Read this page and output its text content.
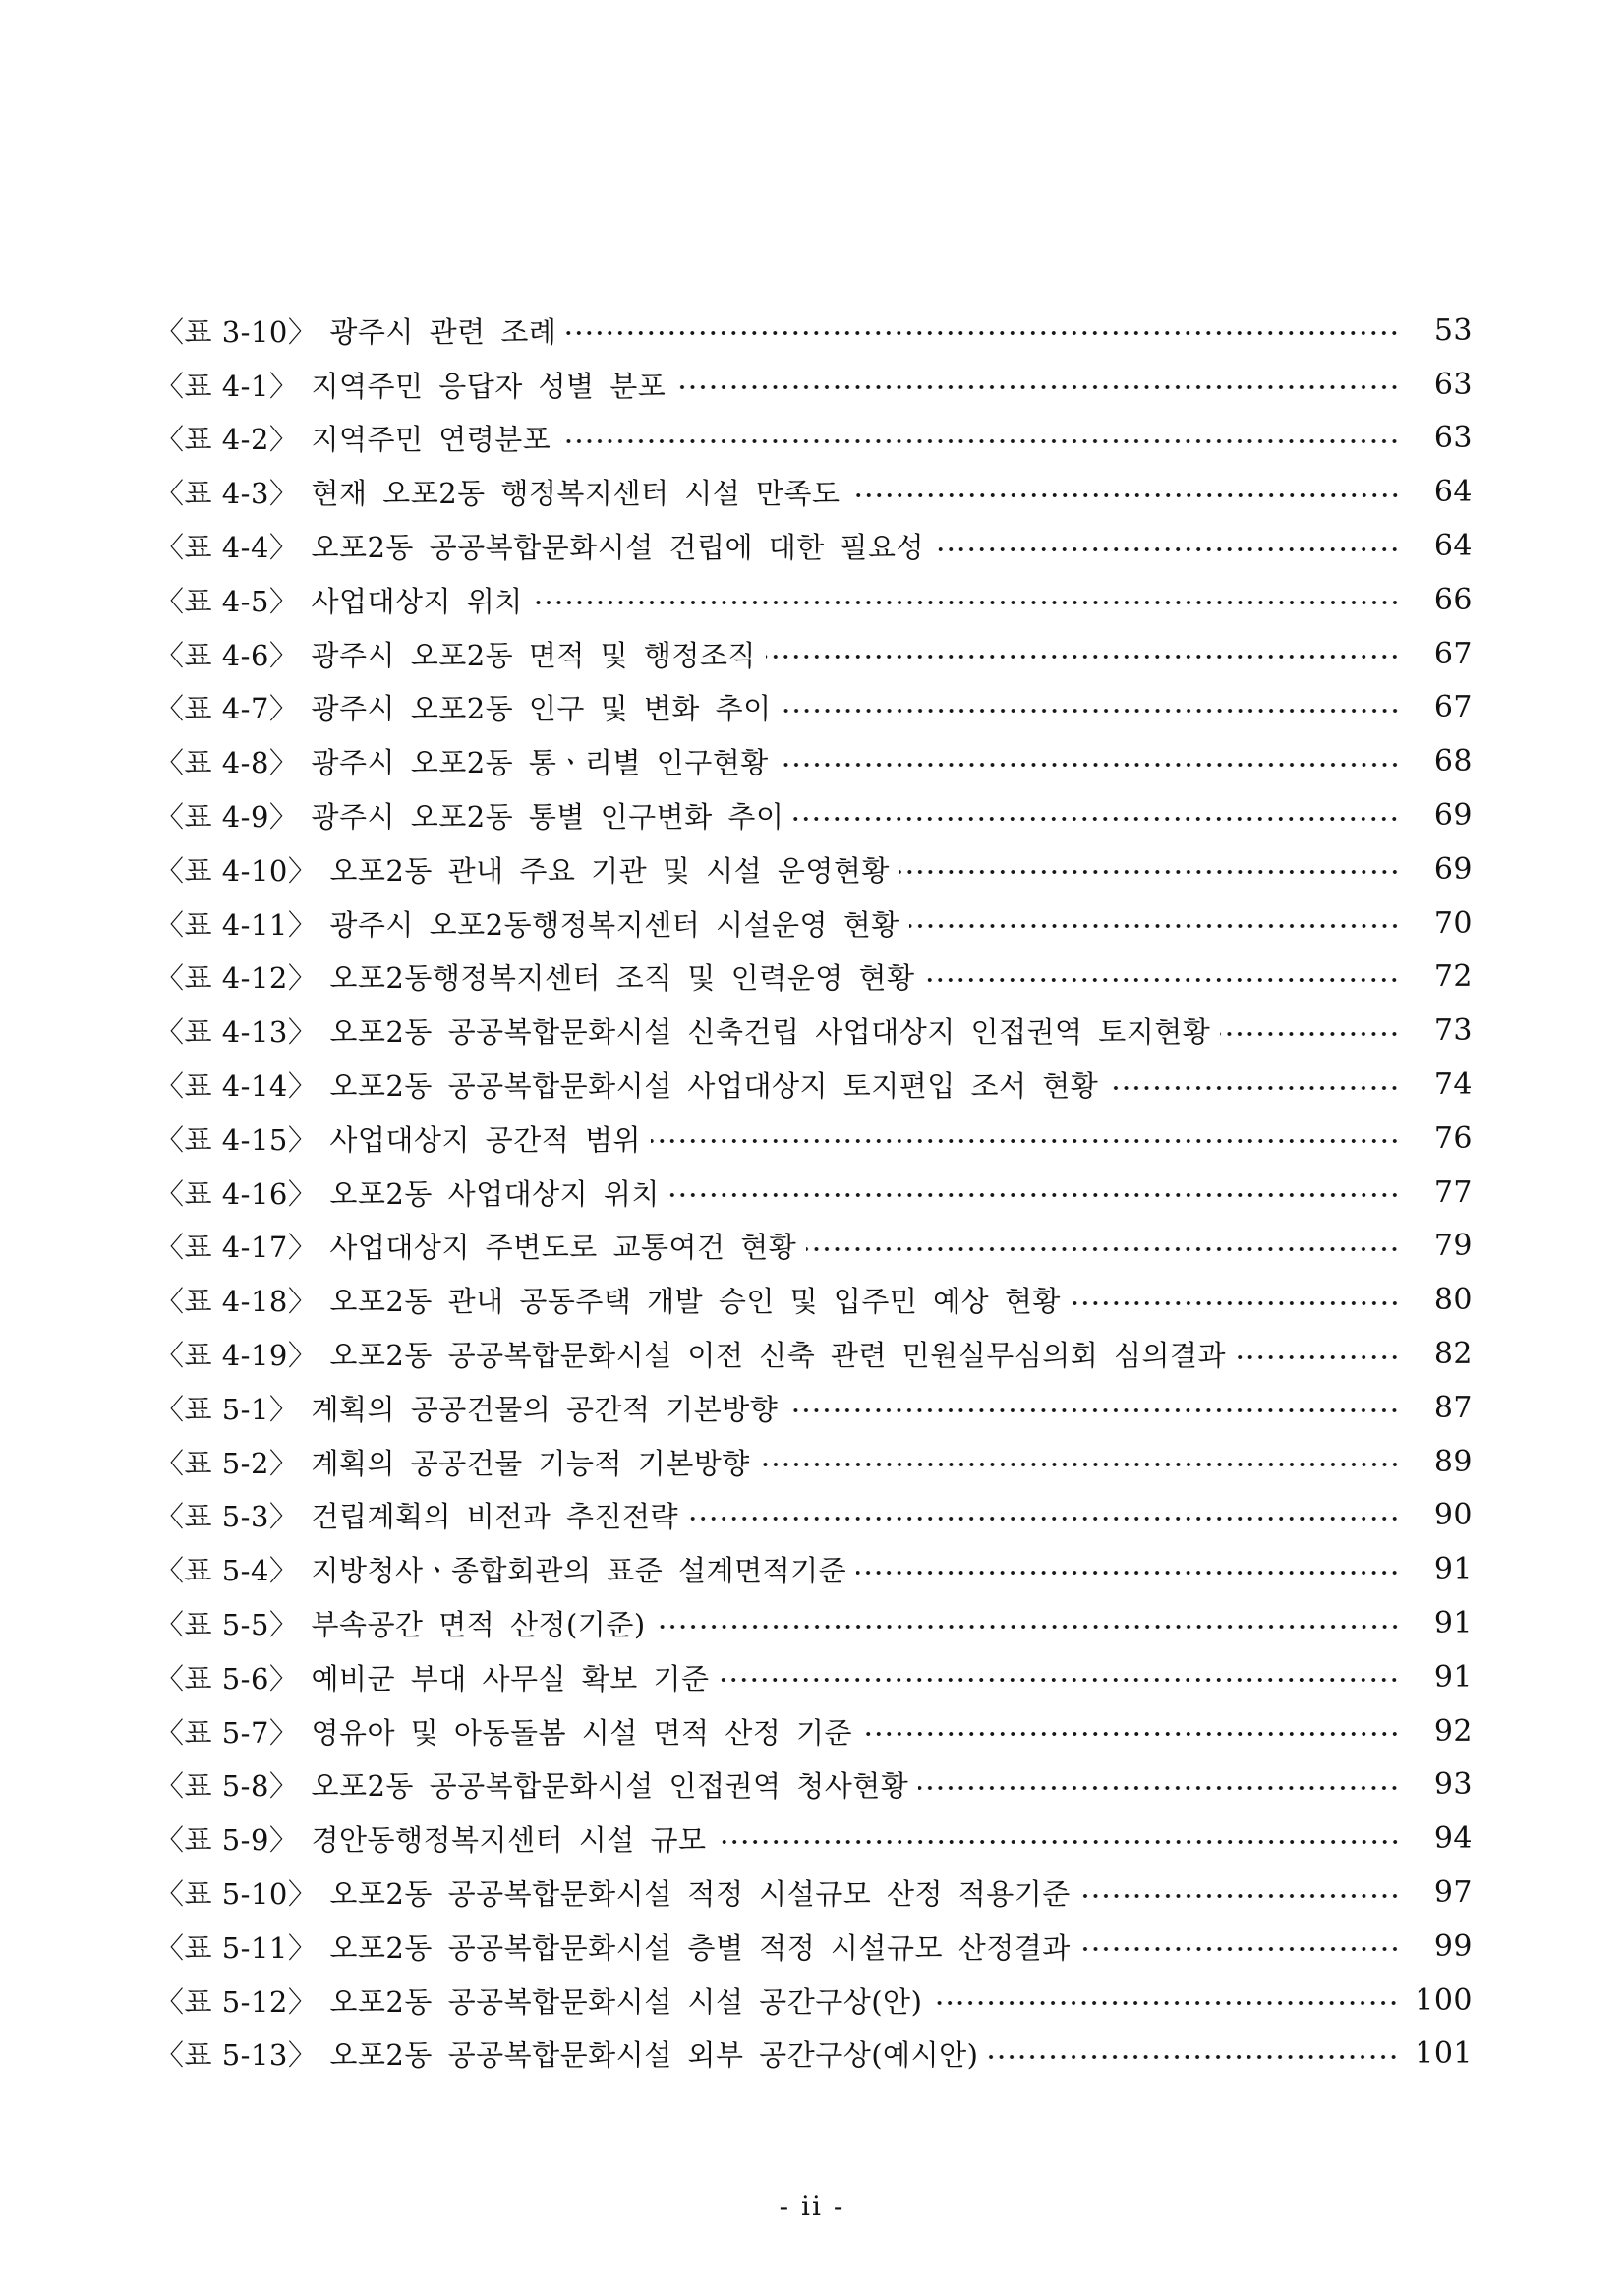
〈표 3-10〉 광주시 관련 조례	53
〈표 4-1〉 지역주민 응답자 성별 분포	63
〈표 4-2〉 지역주민 연령분포	63
〈표 4-3〉 현재 오포2동 행정복지센터 시설 만족도	64
〈표 4-4〉 오포2동 공공복합문화시설 건립에 대한 필요성	64
〈표 4-5〉 사업대상지 위치	66
〈표 4-6〉 광주시 오포2동 면적 및 행정조직	67
〈표 4-7〉 광주시 오포2동 인구 및 변화 추이	67
〈표 4-8〉 광주시 오포2동 통ㆍ리별 인구현황	68
〈표 4-9〉 광주시 오포2동 통별 인구변화 추이	69
〈표 4-10〉 오포2동 관내 주요 기관 및 시설 운영현황	69
〈표 4-11〉 광주시 오포2동행정복지센터 시설운영 현황	70
〈표 4-12〉 오포2동행정복지센터 조직 및 인력운영 현황	72
〈표 4-13〉 오포2동 공공복합문화시설 신축건립 사업대상지 인접권역 토지현황	73
〈표 4-14〉 오포2동 공공복합문화시설 사업대상지 토지편입 조서 현황	74
〈표 4-15〉 사업대상지 공간적 범위	76
〈표 4-16〉 오포2동 사업대상지 위치	77
〈표 4-17〉 사업대상지 주변도로 교통여건 현황	79
〈표 4-18〉 오포2동 관내 공동주택 개발 승인 및 입주민 예상 현황	80
〈표 4-19〉 오포2동 공공복합문화시설 이전 신축 관련 민원실무심의회 심의결과	82
〈표 5-1〉 계획의 공공건물의 공간적 기본방향	87
〈표 5-2〉 계획의 공공건물 기능적 기본방향	89
〈표 5-3〉 건립계획의 비전과 추진전략	90
〈표 5-4〉 지방청사ㆍ종합회관의 표준 설계면적기준	91
〈표 5-5〉 부속공간 면적 산정(기준)	91
〈표 5-6〉 예비군 부대 사무실 확보 기준	91
〈표 5-7〉 영유아 및 아동돌봄 시설 면적 산정 기준	92
〈표 5-8〉 오포2동 공공복합문화시설 인접권역 청사현황	93
〈표 5-9〉 경안동행정복지센터 시설 규모	94
〈표 5-10〉 오포2동 공공복합문화시설 적정 시설규모 산정 적용기준	97
〈표 5-11〉 오포2동 공공복합문화시설 층별 적정 시설규모 산정결과	99
〈표 5-12〉 오포2동 공공복합문화시설 시설 공간구상(안)	100
〈표 5-13〉 오포2동 공공복합문화시설 외부 공간구상(예시안)	101
- ii -
